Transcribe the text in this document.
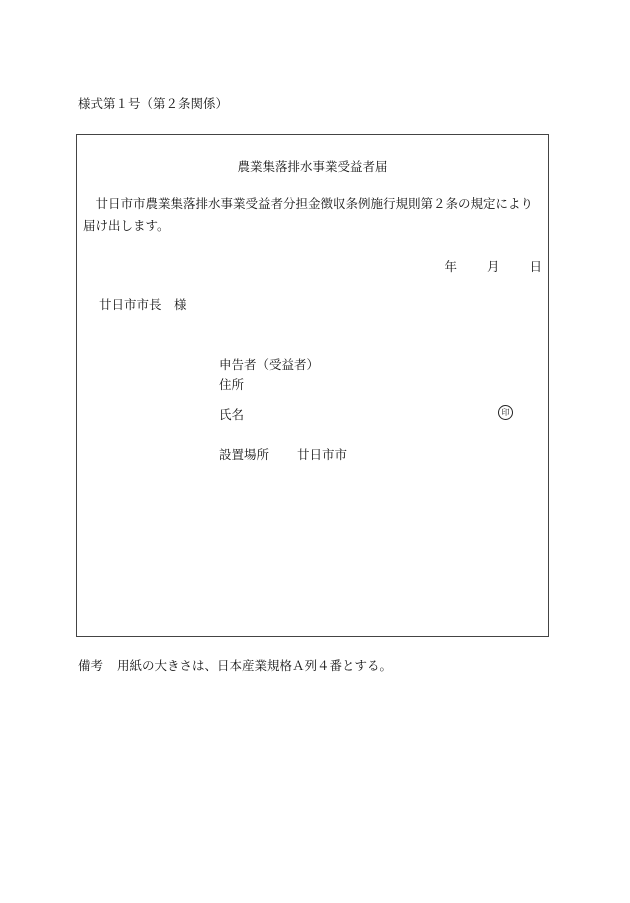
様式第１号（第２条関係）
農業集落排水事業受益者届
廿日市市農業集落排水事業受益者分担金徴収条例施行規則第２条の規定により届け出します。
年 月 日
廿日市市長　様
申告者（受益者）
住所
氏名
設置場所 廿日市市
印
備考 用紙の大きさは、日本産業規格Ａ列４番とする。
